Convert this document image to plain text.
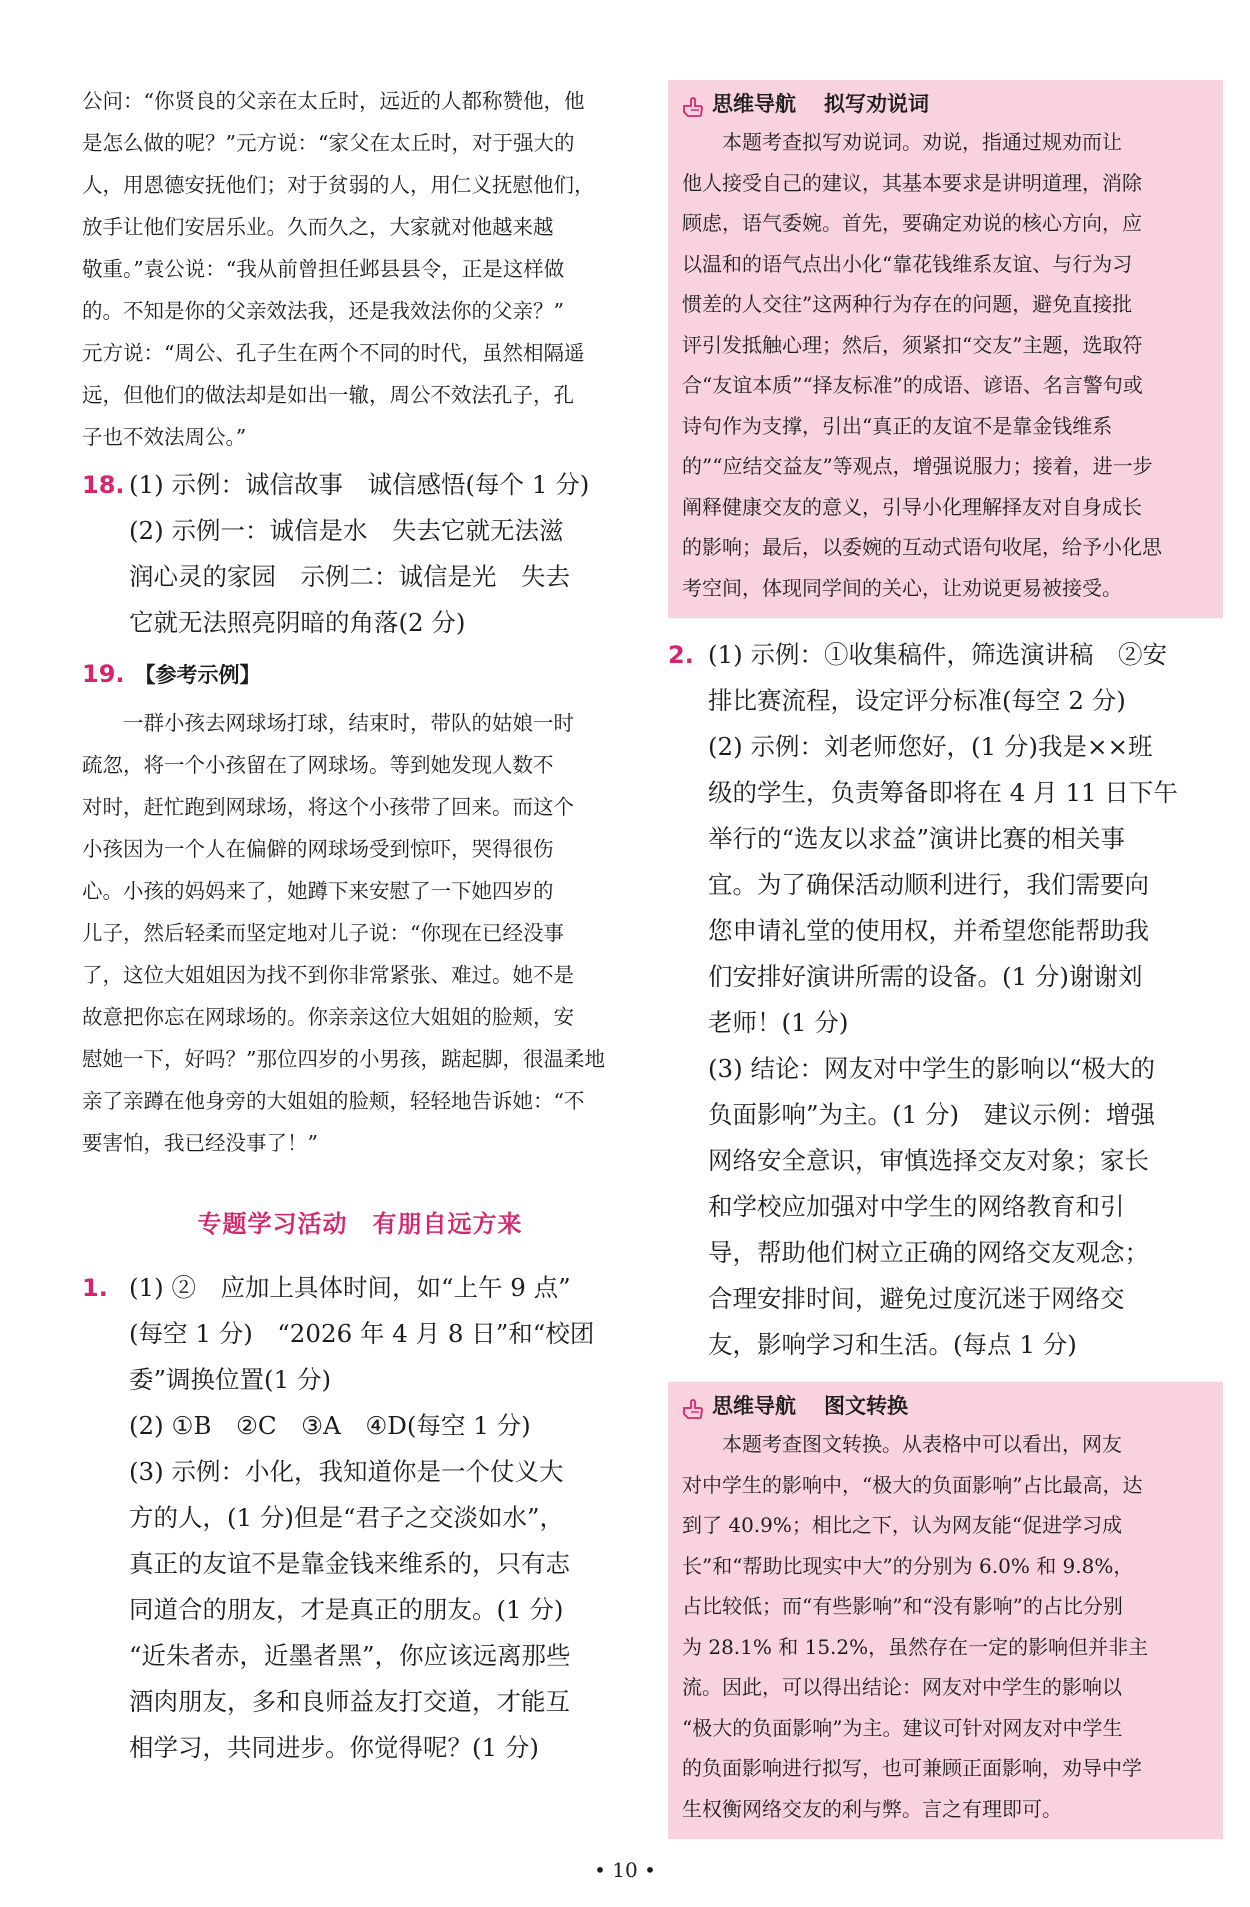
公问：“你贤良的父亲在太丘时，远近的人都称赞他，他

是怎么做的呢？”元方说：“家父在太丘时，对于强大的

人，用恩德安抚他们；对于贫弱的人，用仁义抚慰他们，

放手让他们安居乐业。久而久之，大家就对他越来越

敬重。”袁公说：“我从前曾担任邺县县令，正是这样做

的。不知是你的父亲效法我，还是我效法你的父亲？”

元方说：“周公、孔子生在两个不同的时代，虽然相隔遥

远，但他们的做法却是如出一辙，周公不效法孔子，孔

子也不效法周公。”

18. (1) 示例：诚信故事　诚信感悟(每个 1 分)
(2) 示例一：诚信是水　失去它就无法滋
润心灵的家园　示例二：诚信是光　失去
它就无法照亮阴暗的角落(2 分)
19. 【参考示例】

一群小孩去网球场打球，结束时，带队的姑娘一时

疏忽，将一个小孩留在了网球场。等到她发现人数不

对时，赶忙跑到网球场，将这个小孩带了回来。而这个

小孩因为一个人在偏僻的网球场受到惊吓，哭得很伤

心。小孩的妈妈来了，她蹲下来安慰了一下她四岁的

儿子，然后轻柔而坚定地对儿子说：“你现在已经没事

了，这位大姐姐因为找不到你非常紧张、难过。她不是

故意把你忘在网球场的。你亲亲这位大姐姐的脸颊，安

慰她一下，好吗？”那位四岁的小男孩，踮起脚，很温柔地

亲了亲蹲在他身旁的大姐姐的脸颊，轻轻地告诉她：“不

要害怕，我已经没事了！”

专题学习活动　有朋自远方来
1. (1) ②　应加上具体时间，如“上午 9 点”
(每空 1 分)　“2026 年 4 月 8 日”和“校团
委”调换位置(1 分)
(2) ①B　②C　③A　④D(每空 1 分)
(3) 示例：小化，我知道你是一个仗义大
方的人，(1 分)但是“君子之交淡如水”，
真正的友谊不是靠金钱来维系的，只有志
同道合的朋友，才是真正的朋友。(1 分)
“近朱者赤，近墨者黑”，你应该远离那些
酒肉朋友，多和良师益友打交道，才能互
相学习，共同进步。你觉得呢？(1 分)
思维导航 拟写劝说词

本题考查拟写劝说词。劝说，指通过规劝而让

他人接受自己的建议，其基本要求是讲明道理，消除

顾虑，语气委婉。首先，要确定劝说的核心方向，应

以温和的语气点出小化“靠花钱维系友谊、与行为习

惯差的人交往”这两种行为存在的问题，避免直接批

评引发抵触心理；然后，须紧扣“交友”主题，选取符

合“友谊本质”“择友标准”的成语、谚语、名言警句或

诗句作为支撑，引出“真正的友谊不是靠金钱维系

的”“应结交益友”等观点，增强说服力；接着，进一步

阐释健康交友的意义，引导小化理解择友对自身成长

的影响；最后，以委婉的互动式语句收尾，给予小化思

考空间，体现同学间的关心，让劝说更易被接受。

2. (1) 示例：①收集稿件，筛选演讲稿　②安
排比赛流程，设定评分标准(每空 2 分)
(2) 示例：刘老师您好，(1 分)我是××班
级的学生，负责筹备即将在 4 月 11 日下午
举行的“选友以求益”演讲比赛的相关事
宜。为了确保活动顺利进行，我们需要向
您申请礼堂的使用权，并希望您能帮助我
们安排好演讲所需的设备。(1 分)谢谢刘
老师！(1 分)
(3) 结论：网友对中学生的影响以“极大的
负面影响”为主。(1 分)　建议示例：增强
网络安全意识，审慎选择交友对象；家长
和学校应加强对中学生的网络教育和引
导，帮助他们树立正确的网络交友观念；
合理安排时间，避免过度沉迷于网络交
友，影响学习和生活。(每点 1 分)
思维导航 图文转换

本题考查图文转换。从表格中可以看出，网友

对中学生的影响中，“极大的负面影响”占比最高，达

到了 40.9%；相比之下，认为网友能“促进学习成

长”和“帮助比现实中大”的分别为 6.0% 和 9.8%，

占比较低；而“有些影响”和“没有影响”的占比分别

为 28.1% 和 15.2%，虽然存在一定的影响但并非主

流。因此，可以得出结论：网友对中学生的影响以

“极大的负面影响”为主。建议可针对网友对中学生

的负面影响进行拟写，也可兼顾正面影响，劝导中学

生权衡网络交友的利与弊。言之有理即可。

• 10 •
